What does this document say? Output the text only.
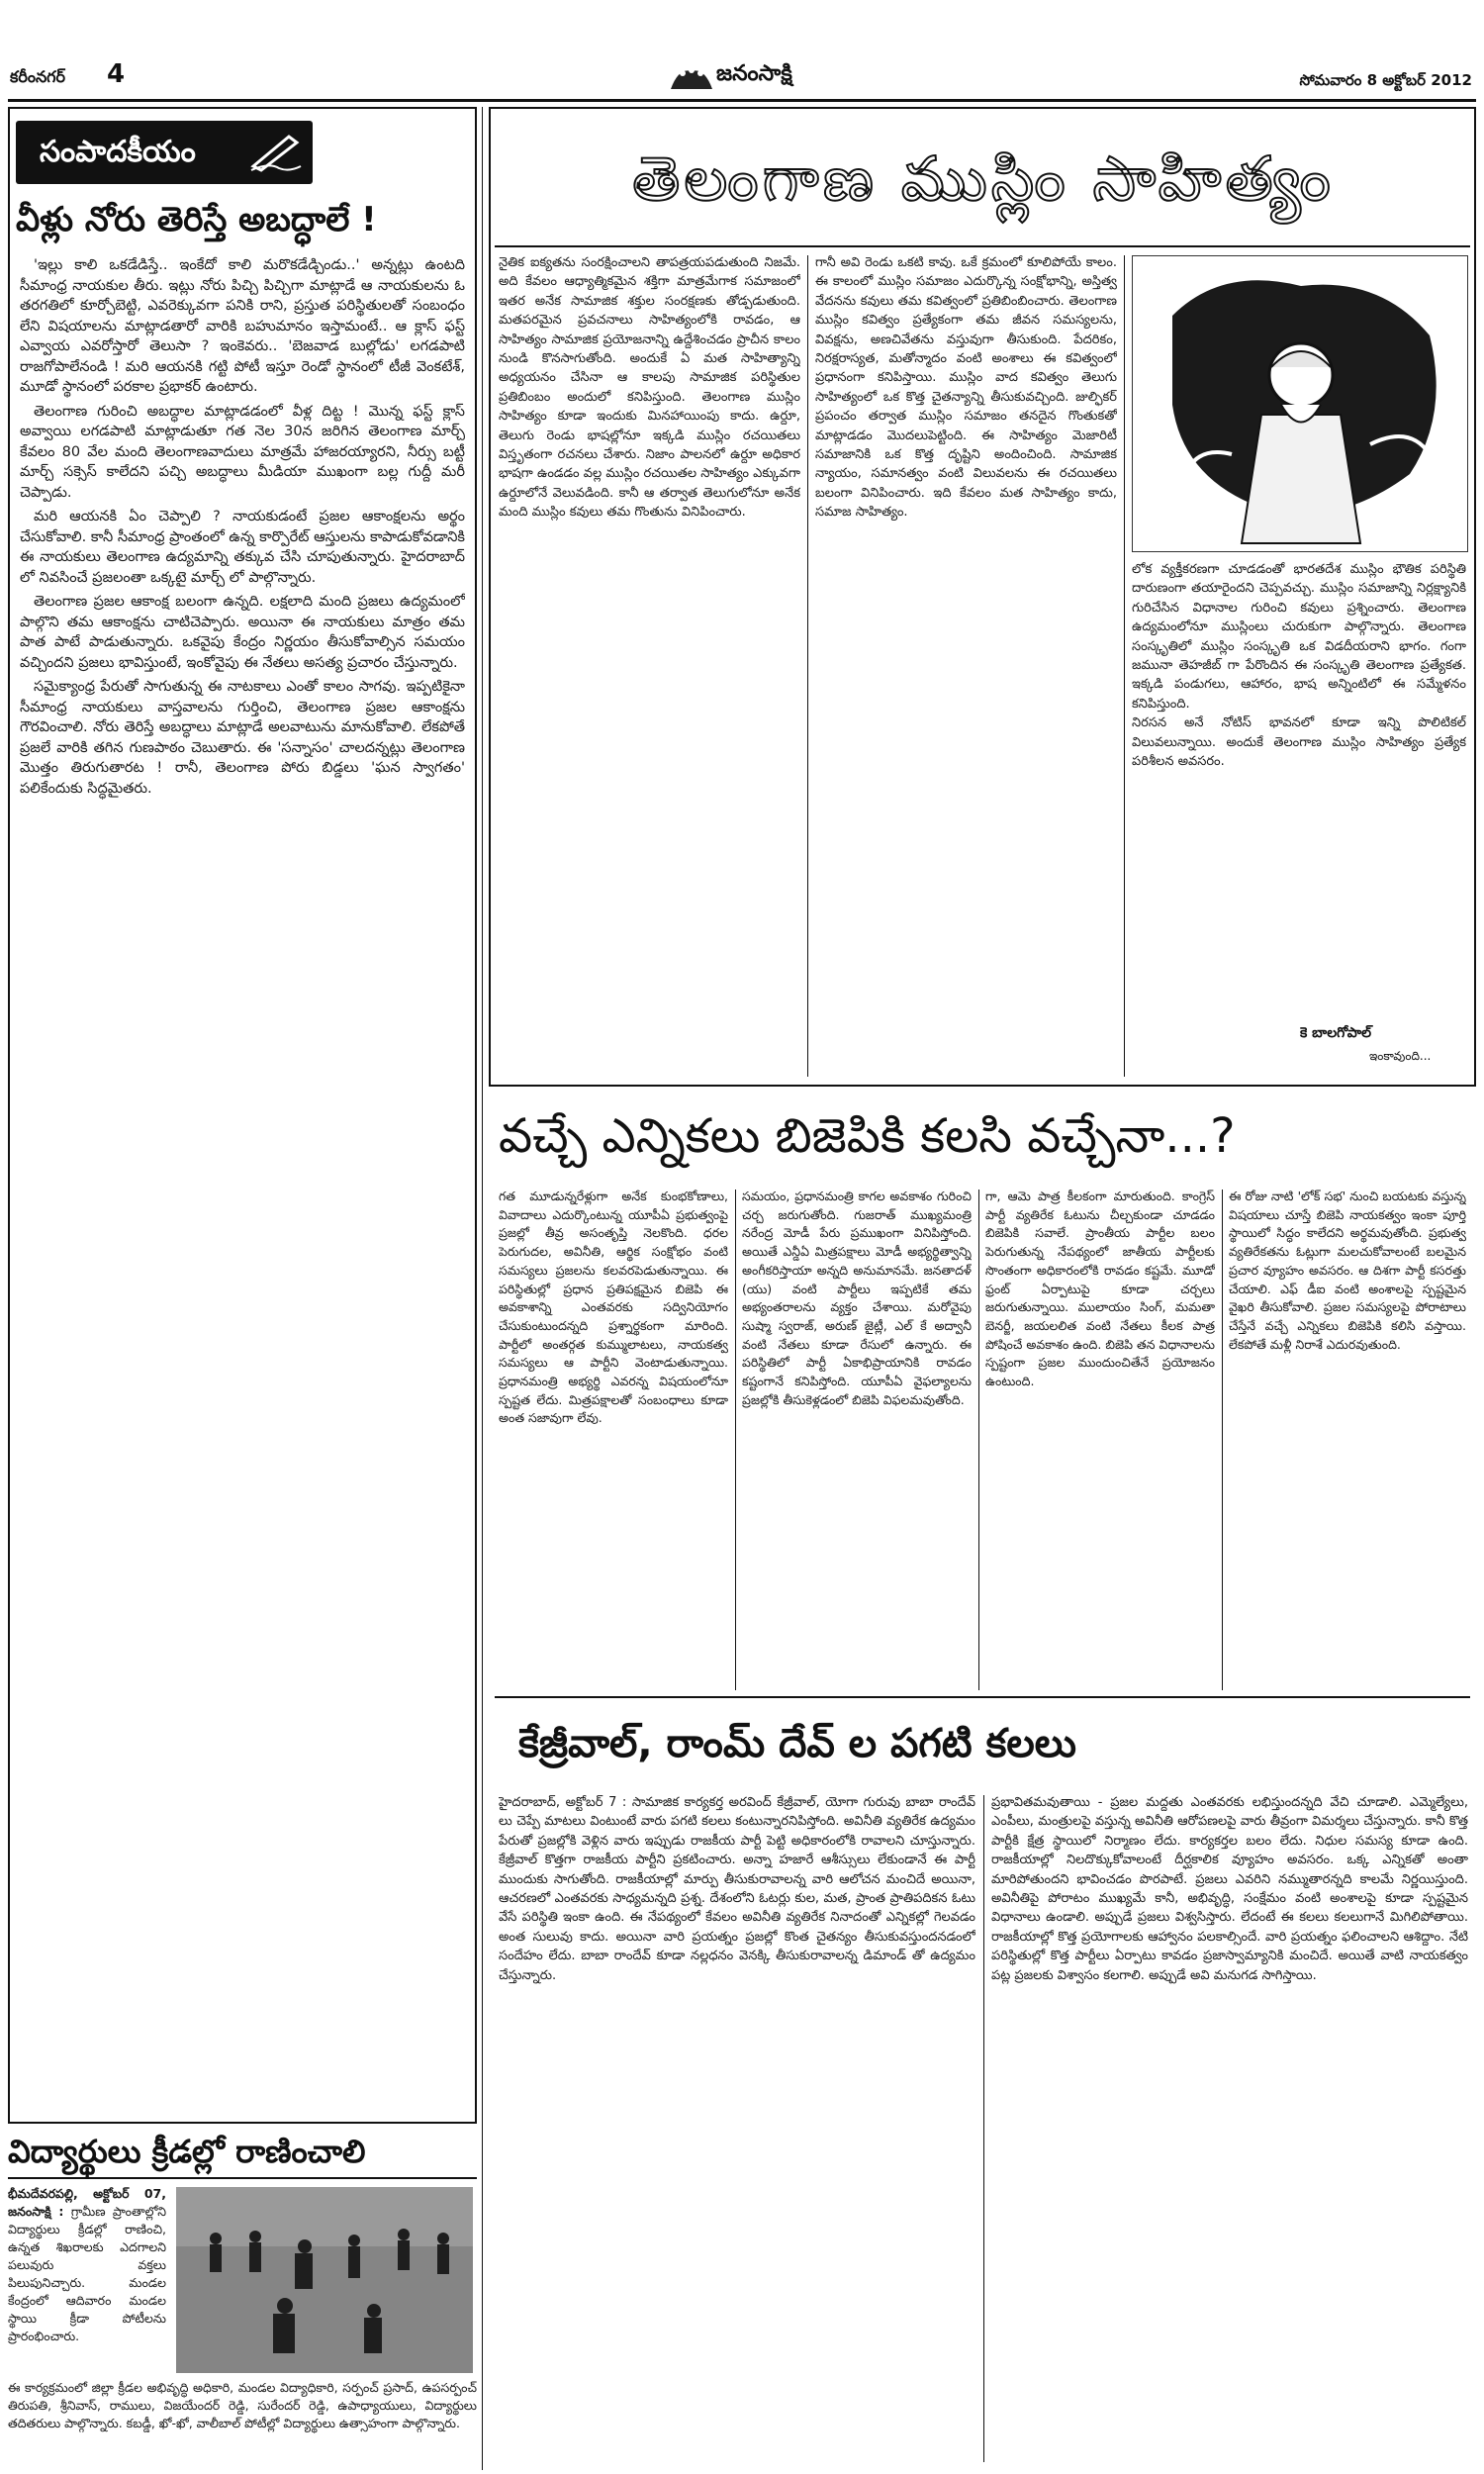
కరీంనగర్ 4	జనంసాక్షి	సోమవారం 8 అక్టోబర్ 2012
సంపాదకీయం
వీళ్లు నోరు తెరిస్తే అబద్ధాలే !

'ఇల్లు కాలి ఒకడేడిస్తే.. ఇంకేదో కాలి మరొకడేడ్చిండు..' అన్నట్లు ఉంటది సీమాంధ్ర నాయకుల తీరు. ఇట్లు నోరు పిచ్చి పిచ్చిగా మాట్లాడే ఆ నాయకులను ఓ తరగతిలో కూర్చోబెట్టి, ఎవరెక్కువగా పనికి రాని, ప్రస్తుత పరిస్థితులతో సంబంధం లేని విషయాలను మాట్లాడతారో వారికి బహుమానం ఇస్తామంటే.. ఆ క్లాస్ ఫస్ట్ ఎవ్వాయ ఎవరోస్తారో తెలుసా ? ఇంకెవరు.. 'బెజవాడ బుల్లోడు' లగడపాటి రాజగోపాలేనండి ! మరి ఆయనకి గట్టి పోటీ ఇస్తూ రెండో స్థానంలో టీజీ వెంకటేశ్, మూడో స్థానంలో పరకాల ప్రభాకర్ ఉంటారు.

తెలంగాణ గురించి అబద్ధాల మాట్లాడడంలో వీళ్ల దిట్ట ! మొన్న ఫస్ట్ క్లాస్ అవ్వాయి లగడపాటి మాట్లాడుతూ గత నెల 30న జరిగిన తెలంగాణ మార్చ్ కేవలం 80 వేల మంది తెలంగాణవాదులు మాత్రమే హాజరయ్యారని, నీర్సు బట్టీ మార్చ్ సక్సెస్ కాలేదని పచ్చి అబద్ధాలు మీడియా ముఖంగా బల్ల గుద్దీ మరీ చెప్పాడు.

మరి ఆయనకి ఏం చెప్పాలి ? నాయకుడంటే ప్రజల ఆకాంక్షలను అర్థం చేసుకోవాలి. కానీ సీమాంధ్ర ప్రాంతంలో ఉన్న కార్పొరేట్ ఆస్తులను కాపాడుకోవడానికి ఈ నాయకులు తెలంగాణ ఉద్యమాన్ని తక్కువ చేసి చూపుతున్నారు. హైదరాబాద్ లో నివసించే ప్రజలంతా ఒక్కటై మార్చ్ లో పాల్గొన్నారు.

తెలంగాణ ప్రజల ఆకాంక్ష బలంగా ఉన్నది. లక్షలాది మంది ప్రజలు ఉద్యమంలో పాల్గొని తమ ఆకాంక్షను చాటిచెప్పారు. అయినా ఈ నాయకులు మాత్రం తమ పాత పాటే పాడుతున్నారు. ఒకవైపు కేంద్రం నిర్ణయం తీసుకోవాల్సిన సమయం వచ్చిందని ప్రజలు భావిస్తుంటే, ఇంకోవైపు ఈ నేతలు అసత్య ప్రచారం చేస్తున్నారు.

సమైక్యాంధ్ర పేరుతో సాగుతున్న ఈ నాటకాలు ఎంతో కాలం సాగవు. ఇప్పటికైనా సీమాంధ్ర నాయకులు వాస్తవాలను గుర్తించి, తెలంగాణ ప్రజల ఆకాంక్షను గౌరవించాలి. నోరు తెరిస్తే అబద్ధాలు మాట్లాడే అలవాటును మానుకోవాలి. లేకపోతే ప్రజలే వారికి తగిన గుణపాఠం చెబుతారు. ఈ 'సన్నాసం' చాలదన్నట్లు తెలంగాణ మొత్తం తిరుగుతారట ! రానీ, తెలంగాణ పోరు బిడ్డలు 'ఘన స్వాగతం' పలికేందుకు సిద్ధమైతరు.

విద్యార్థులు క్రీడల్లో రాణించాలి
భీమదేవరపల్లి, అక్టోబర్ 07, జనంసాక్షి : గ్రామీణ ప్రాంతాల్లోని విద్యార్థులు క్రీడల్లో రాణించి, ఉన్నత శిఖరాలకు ఎదగాలని పలువురు వక్తలు పిలుపునిచ్చారు. మండల కేంద్రంలో ఆదివారం మండల స్థాయి క్రీడా పోటీలను ప్రారంభించారు.
ఈ కార్యక్రమంలో జిల్లా క్రీడల అభివృద్ధి అధికారి, మండల విద్యాధికారి, సర్పంచ్ ప్రసాద్, ఉపసర్పంచ్ తిరుపతి, శ్రీనివాస్, రాములు, విజయేందర్ రెడ్డి, సురేందర్ రెడ్డి, ఉపాధ్యాయులు, విద్యార్థులు తదితరులు పాల్గొన్నారు. కబడ్డీ, ఖో-ఖో, వాలీబాల్ పోటీల్లో విద్యార్థులు ఉత్సాహంగా పాల్గొన్నారు.
తెలంగాణ ముస్లిం సాహిత్యం
నైతిక ఐక్యతను సంరక్షించాలని తాపత్రయపడుతుంది నిజమే. అది కేవలం ఆధ్యాత్మికమైన శక్తిగా మాత్రమేగాక సమాజంలో ఇతర అనేక సామాజిక శక్తుల సంరక్షణకు తోడ్పడుతుంది. మతపరమైన ప్రవచనాలు సాహిత్యంలోకి రావడం, ఆ సాహిత్యం సామాజిక ప్రయోజనాన్ని ఉద్దేశించడం ప్రాచీన కాలం నుండి కొనసాగుతోంది. అందుకే ఏ మత సాహిత్యాన్ని అధ్యయనం చేసినా ఆ కాలపు సామాజిక పరిస్థితుల ప్రతిబింబం అందులో కనిపిస్తుంది. తెలంగాణ ముస్లిం సాహిత్యం కూడా ఇందుకు మినహాయింపు కాదు. ఉర్దూ, తెలుగు రెండు భాషల్లోనూ ఇక్కడి ముస్లిం రచయితలు విస్తృతంగా రచనలు చేశారు. నిజాం పాలనలో ఉర్దూ అధికార భాషగా ఉండడం వల్ల ముస్లిం రచయితల సాహిత్యం ఎక్కువగా ఉర్దూలోనే వెలువడింది. కానీ ఆ తర్వాత తెలుగులోనూ అనేక మంది ముస్లిం కవులు తమ గొంతును వినిపించారు.
గానీ అవి రెండు ఒకటి కావు. ఒకే క్రమంలో కూలిపోయే కాలం. ఈ కాలంలో ముస్లిం సమాజం ఎదుర్కొన్న సంక్షోభాన్ని, అస్తిత్వ వేదనను కవులు తమ కవిత్వంలో ప్రతిబింబించారు. తెలంగాణ ముస్లిం కవిత్వం ప్రత్యేకంగా తమ జీవన సమస్యలను, వివక్షను, అణచివేతను వస్తువుగా తీసుకుంది. పేదరికం, నిరక్షరాస్యత, మతోన్మాదం వంటి అంశాలు ఈ కవిత్వంలో ప్రధానంగా కనిపిస్తాయి. ముస్లిం వాద కవిత్వం తెలుగు సాహిత్యంలో ఒక కొత్త చైతన్యాన్ని తీసుకువచ్చింది. జుల్ఫికర్ ప్రపంచం తర్వాత ముస్లిం సమాజం తనదైన గొంతుకతో మాట్లాడడం మొదలుపెట్టింది. ఈ సాహిత్యం మెజారిటీ సమాజానికి ఒక కొత్త దృష్టిని అందించింది. సామాజిక న్యాయం, సమానత్వం వంటి విలువలను ఈ రచయితలు బలంగా వినిపించారు. ఇది కేవలం మత సాహిత్యం కాదు, సమాజ సాహిత్యం.
లోక వ్యక్తీకరణగా చూడడంతో భారతదేశ ముస్లిం భౌతిక పరిస్థితి దారుణంగా తయారైందని చెప్పవచ్చు. ముస్లిం సమాజాన్ని నిర్లక్ష్యానికి గురిచేసిన విధానాల గురించి కవులు ప్రశ్నించారు. తెలంగాణ ఉద్యమంలోనూ ముస్లింలు చురుకుగా పాల్గొన్నారు. తెలంగాణ సంస్కృతిలో ముస్లిం సంస్కృతి ఒక విడదీయరాని భాగం. గంగా జమునా తెహజీబ్ గా పేరొందిన ఈ సంస్కృతి తెలంగాణ ప్రత్యేకత. ఇక్కడి పండుగలు, ఆహారం, భాష అన్నింటిలో ఈ సమ్మేళనం కనిపిస్తుంది.
నిరసన అనే నోటిస్ భావనలో కూడా ఇన్ని పొలిటికల్ విలువలున్నాయి. అందుకే తెలంగాణ ముస్లిం సాహిత్యం ప్రత్యేక పరిశీలన అవసరం.
కె బాలగోపాల్
ఇంకావుంది...
వచ్చే ఎన్నికలు బిజెపికి కలసి వచ్చేనా...?
గత మూడున్నరేళ్లుగా అనేక కుంభకోణాలు, వివాదాలు ఎదుర్కొంటున్న యూపీఏ ప్రభుత్వంపై ప్రజల్లో తీవ్ర అసంతృప్తి నెలకొంది. ధరల పెరుగుదల, అవినీతి, ఆర్థిక సంక్షోభం వంటి సమస్యలు ప్రజలను కలవరపెడుతున్నాయి. ఈ పరిస్థితుల్లో ప్రధాన ప్రతిపక్షమైన బిజెపి ఈ అవకాశాన్ని ఎంతవరకు సద్వినియోగం చేసుకుంటుందన్నది ప్రశ్నార్థకంగా మారింది. పార్టీలో అంతర్గత కుమ్ములాటలు, నాయకత్వ సమస్యలు ఆ పార్టీని వెంటాడుతున్నాయి. ప్రధానమంత్రి అభ్యర్థి ఎవరన్న విషయంలోనూ స్పష్టత లేదు. మిత్రపక్షాలతో సంబంధాలు కూడా అంత సజావుగా లేవు.
సమయం, ప్రధానమంత్రి కాగల అవకాశం గురించి చర్చ జరుగుతోంది. గుజరాత్ ముఖ్యమంత్రి నరేంద్ర మోడీ పేరు ప్రముఖంగా వినిపిస్తోంది. అయితే ఎన్డీఏ మిత్రపక్షాలు మోడీ అభ్యర్థిత్వాన్ని అంగీకరిస్తాయా అన్నది అనుమానమే. జనతాదళ్ (యు) వంటి పార్టీలు ఇప్పటికే తమ అభ్యంతరాలను వ్యక్తం చేశాయి. మరోవైపు సుష్మా స్వరాజ్, అరుణ్ జైట్లీ, ఎల్ కే అద్వానీ వంటి నేతలు కూడా రేసులో ఉన్నారు. ఈ పరిస్థితిలో పార్టీ ఏకాభిప్రాయానికి రావడం కష్టంగానే కనిపిస్తోంది. యూపీఏ వైఫల్యాలను ప్రజల్లోకి తీసుకెళ్లడంలో బిజెపి విఫలమవుతోంది.
గా, ఆమె పాత్ర కీలకంగా మారుతుంది. కాంగ్రెస్ పార్టీ వ్యతిరేక ఓటును చీల్చకుండా చూడడం బిజెపికి సవాలే. ప్రాంతీయ పార్టీల బలం పెరుగుతున్న నేపథ్యంలో జాతీయ పార్టీలకు సొంతంగా అధికారంలోకి రావడం కష్టమే. మూడో ఫ్రంట్ ఏర్పాటుపై కూడా చర్చలు జరుగుతున్నాయి. ములాయం సింగ్, మమతా బెనర్జీ, జయలలిత వంటి నేతలు కీలక పాత్ర పోషించే అవకాశం ఉంది. బిజెపి తన విధానాలను స్పష్టంగా ప్రజల ముందుంచితేనే ప్రయోజనం ఉంటుంది.
ఈ రోజు నాటి 'లోక్ సభ' నుంచి బయటకు వస్తున్న విషయాలు చూస్తే బిజెపి నాయకత్వం ఇంకా పూర్తి స్థాయిలో సిద్ధం కాలేదని అర్థమవుతోంది. ప్రభుత్వ వ్యతిరేకతను ఓట్లుగా మలచుకోవాలంటే బలమైన ప్రచార వ్యూహం అవసరం. ఆ దిశగా పార్టీ కసరత్తు చేయాలి. ఎఫ్ డీఐ వంటి అంశాలపై స్పష్టమైన వైఖరి తీసుకోవాలి. ప్రజల సమస్యలపై పోరాటాలు చేస్తేనే వచ్చే ఎన్నికలు బిజెపికి కలిసి వస్తాయి. లేకపోతే మళ్లీ నిరాశే ఎదురవుతుంది.
కేజ్రీవాల్, రాంమ్ దేవ్ ల పగటి కలలు
హైదరాబాద్, అక్టోబర్ 7 : సామాజిక కార్యకర్త అరవింద్ కేజ్రీవాల్, యోగా గురువు బాబా రాందేవ్ లు చెప్పే మాటలు వింటుంటే వారు పగటి కలలు కంటున్నారనిపిస్తోంది. అవినీతి వ్యతిరేక ఉద్యమం పేరుతో ప్రజల్లోకి వెళ్లిన వారు ఇప్పుడు రాజకీయ పార్టీ పెట్టి అధికారంలోకి రావాలని చూస్తున్నారు. కేజ్రీవాల్ కొత్తగా రాజకీయ పార్టీని ప్రకటించారు. అన్నా హజారే ఆశీస్సులు లేకుండానే ఈ పార్టీ ముందుకు సాగుతోంది. రాజకీయాల్లో మార్పు తీసుకురావాలన్న వారి ఆలోచన మంచిదే అయినా, ఆచరణలో ఎంతవరకు సాధ్యమన్నది ప్రశ్న. దేశంలోని ఓటర్లు కుల, మత, ప్రాంత ప్రాతిపదికన ఓటు వేసే పరిస్థితి ఇంకా ఉంది. ఈ నేపథ్యంలో కేవలం అవినీతి వ్యతిరేక నినాదంతో ఎన్నికల్లో గెలవడం అంత సులువు కాదు. అయినా వారి ప్రయత్నం ప్రజల్లో కొంత చైతన్యం తీసుకువస్తుందనడంలో సందేహం లేదు. బాబా రాందేవ్ కూడా నల్లధనం వెనక్కి తీసుకురావాలన్న డిమాండ్ తో ఉద్యమం చేస్తున్నారు.
ప్రభావితమవుతాయి - ప్రజల మద్దతు ఎంతవరకు లభిస్తుందన్నది వేచి చూడాలి. ఎమ్మెల్యేలు, ఎంపీలు, మంత్రులపై వస్తున్న అవినీతి ఆరోపణలపై వారు తీవ్రంగా విమర్శలు చేస్తున్నారు. కానీ కొత్త పార్టీకి క్షేత్ర స్థాయిలో నిర్మాణం లేదు. కార్యకర్తల బలం లేదు. నిధుల సమస్య కూడా ఉంది. రాజకీయాల్లో నిలదొక్కుకోవాలంటే దీర్ఘకాలిక వ్యూహం అవసరం. ఒక్క ఎన్నికతో అంతా మారిపోతుందని భావించడం పొరపాటే. ప్రజలు ఎవరిని నమ్ముతారన్నది కాలమే నిర్ణయిస్తుంది. అవినీతిపై పోరాటం ముఖ్యమే కానీ, అభివృద్ధి, సంక్షేమం వంటి అంశాలపై కూడా స్పష్టమైన విధానాలు ఉండాలి. అప్పుడే ప్రజలు విశ్వసిస్తారు. లేదంటే ఈ కలలు కలలుగానే మిగిలిపోతాయి. రాజకీయాల్లో కొత్త ప్రయోగాలకు ఆహ్వానం పలకాల్సిందే. వారి ప్రయత్నం ఫలించాలని ఆశిద్దాం. నేటి పరిస్థితుల్లో కొత్త పార్టీలు ఏర్పాటు కావడం ప్రజాస్వామ్యానికి మంచిదే. అయితే వాటి నాయకత్వం పట్ల ప్రజలకు విశ్వాసం కలగాలి. అప్పుడే అవి మనుగడ సాగిస్తాయి.
